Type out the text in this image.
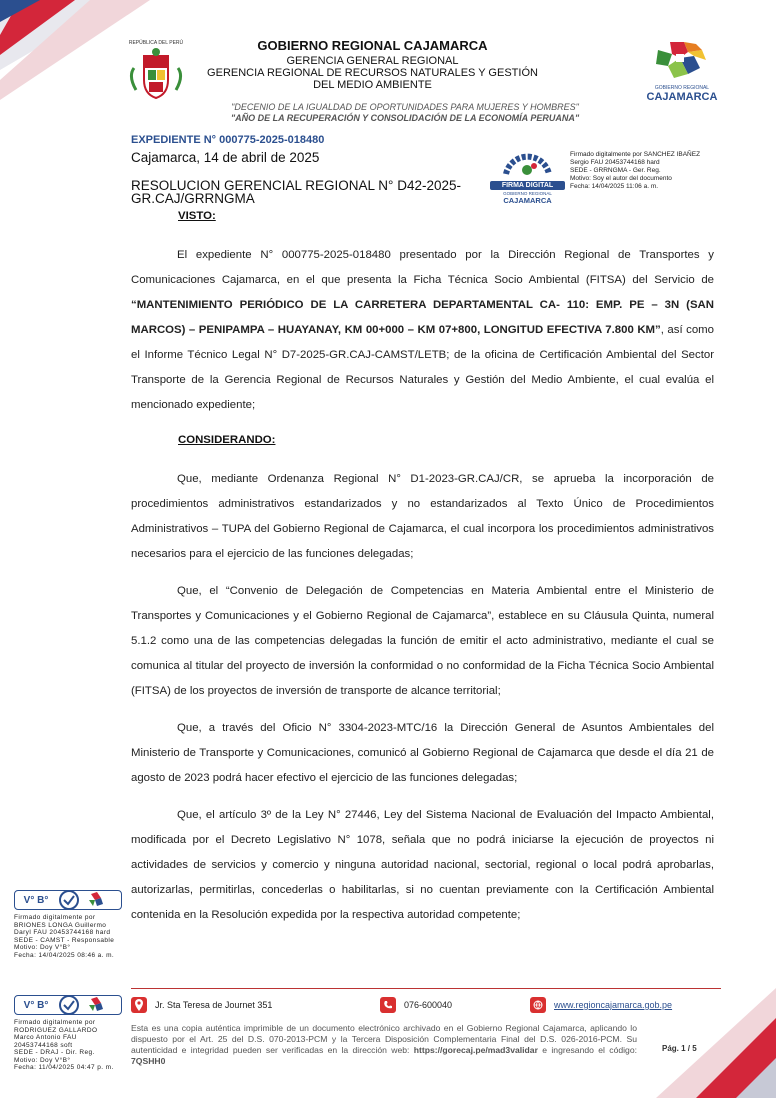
REPÚBLICA DEL PERÚ	GOBIERNO REGIONAL CAJAMARCA
GERENCIA GENERAL REGIONAL
GERENCIA REGIONAL DE RECURSOS NATURALES Y GESTIÓN DEL MEDIO AMBIENTE	GOBIERNO REGIONAL
CAJAMARCA
"DECENIO DE LA IGUALDAD DE OPORTUNIDADES PARA MUJERES Y HOMBRES"
"AÑO DE LA RECUPERACIÓN Y CONSOLIDACIÓN DE LA ECONOMÍA PERUANA"
EXPEDIENTE N° 000775-2025-018480
Cajamarca, 14 de abril de 2025
RESOLUCION GERENCIAL REGIONAL N° D42-2025-GR.CAJ/GRRNGMA
FIRMA DIGITAL
GOBIERNO REGIONAL
CAJAMARCA
Firmado digitalmente por SANCHEZ IBAÑEZ
Sergio FAU 20453744168 hard
SEDE - GRRNGMA - Ger. Reg.
Motivo: Soy el autor del documento
Fecha: 14/04/2025 11:06 a. m.
VISTO:

El expediente N° 000775-2025-018480 presentado por la Dirección Regional de Transportes y Comunicaciones Cajamarca, en el que presenta la Ficha Técnica Socio Ambiental (FITSA) del Servicio de “MANTENIMIENTO PERIÓDICO DE LA CARRETERA DEPARTAMENTAL CA- 110: EMP. PE – 3N (SAN MARCOS) – PENIPAMPA – HUAYANAY, KM 00+000 – KM 07+800, LONGITUD EFECTIVA 7.800 KM”, así como el Informe Técnico Legal N° D7-2025-GR.CAJ-CAMST/LETB; de la oficina de Certificación Ambiental del Sector Transporte de la Gerencia Regional de Recursos Naturales y Gestión del Medio Ambiente, el cual evalúa el mencionado expediente;

CONSIDERANDO:

Que, mediante Ordenanza Regional N° D1-2023-GR.CAJ/CR, se aprueba la incorporación de procedimientos administrativos estandarizados y no estandarizados al Texto Único de Procedimientos Administrativos – TUPA del Gobierno Regional de Cajamarca, el cual incorpora los procedimientos administrativos necesarios para el ejercicio de las funciones delegadas;

Que, el “Convenio de Delegación de Competencias en Materia Ambiental entre el Ministerio de Transportes y Comunicaciones y el Gobierno Regional de Cajamarca”, establece en su Cláusula Quinta, numeral 5.1.2 como una de las competencias delegadas la función de emitir el acto administrativo, mediante el cual se comunica al titular del proyecto de inversión la conformidad o no conformidad de la Ficha Técnica Socio Ambiental (FITSA) de los proyectos de inversión de transporte de alcance territorial;

Que, a través del Oficio N° 3304-2023-MTC/16 la Dirección General de Asuntos Ambientales del Ministerio de Transporte y Comunicaciones, comunicó al Gobierno Regional de Cajamarca que desde el día 21 de agosto de 2023 podrá hacer efectivo el ejercicio de las funciones delegadas;

Que, el artículo 3º de la Ley N° 27446, Ley del Sistema Nacional de Evaluación del Impacto Ambiental, modificada por el Decreto Legislativo N° 1078, señala que no podrá iniciarse la ejecución de proyectos ni actividades de servicios y comercio y ninguna autoridad nacional, sectorial, regional o local podrá aprobarlas, autorizarlas, permitirlas, concederlas o habilitarlas, si no cuentan previamente con la Certificación Ambiental contenida en la Resolución expedida por la respectiva autoridad competente;

V° B°
Firmado digitalmente por
BRIONES LONGA Guillermo
Daryl FAU 20453744168 hard
SEDE - CAMST - Responsable
Motivo: Doy V°B°
Fecha: 14/04/2025 08:46 a. m.
V° B°
Firmado digitalmente por
RODRIGUEZ GALLARDO
Marco Antonio FAU
20453744168 soft
SEDE - DRAJ - Dir. Reg.
Motivo: Doy V°B°
Fecha: 11/04/2025 04:47 p. m.
Jr. Sta Teresa de Journet 351	076-600040	www.regioncajamarca.gob.pe
Esta es una copia auténtica imprimible de un documento electrónico archivado en el Gobierno Regional Cajamarca, aplicando lo dispuesto por el Art. 25 del D.S. 070-2013-PCM y la Tercera Disposición Complementaria Final del D.S. 026-2016-PCM. Su autenticidad e integridad pueden ser verificadas en la dirección web: https://gorecaj.pe/mad3validar e ingresando el código: 7QSHH0
Pág. 1 / 5
